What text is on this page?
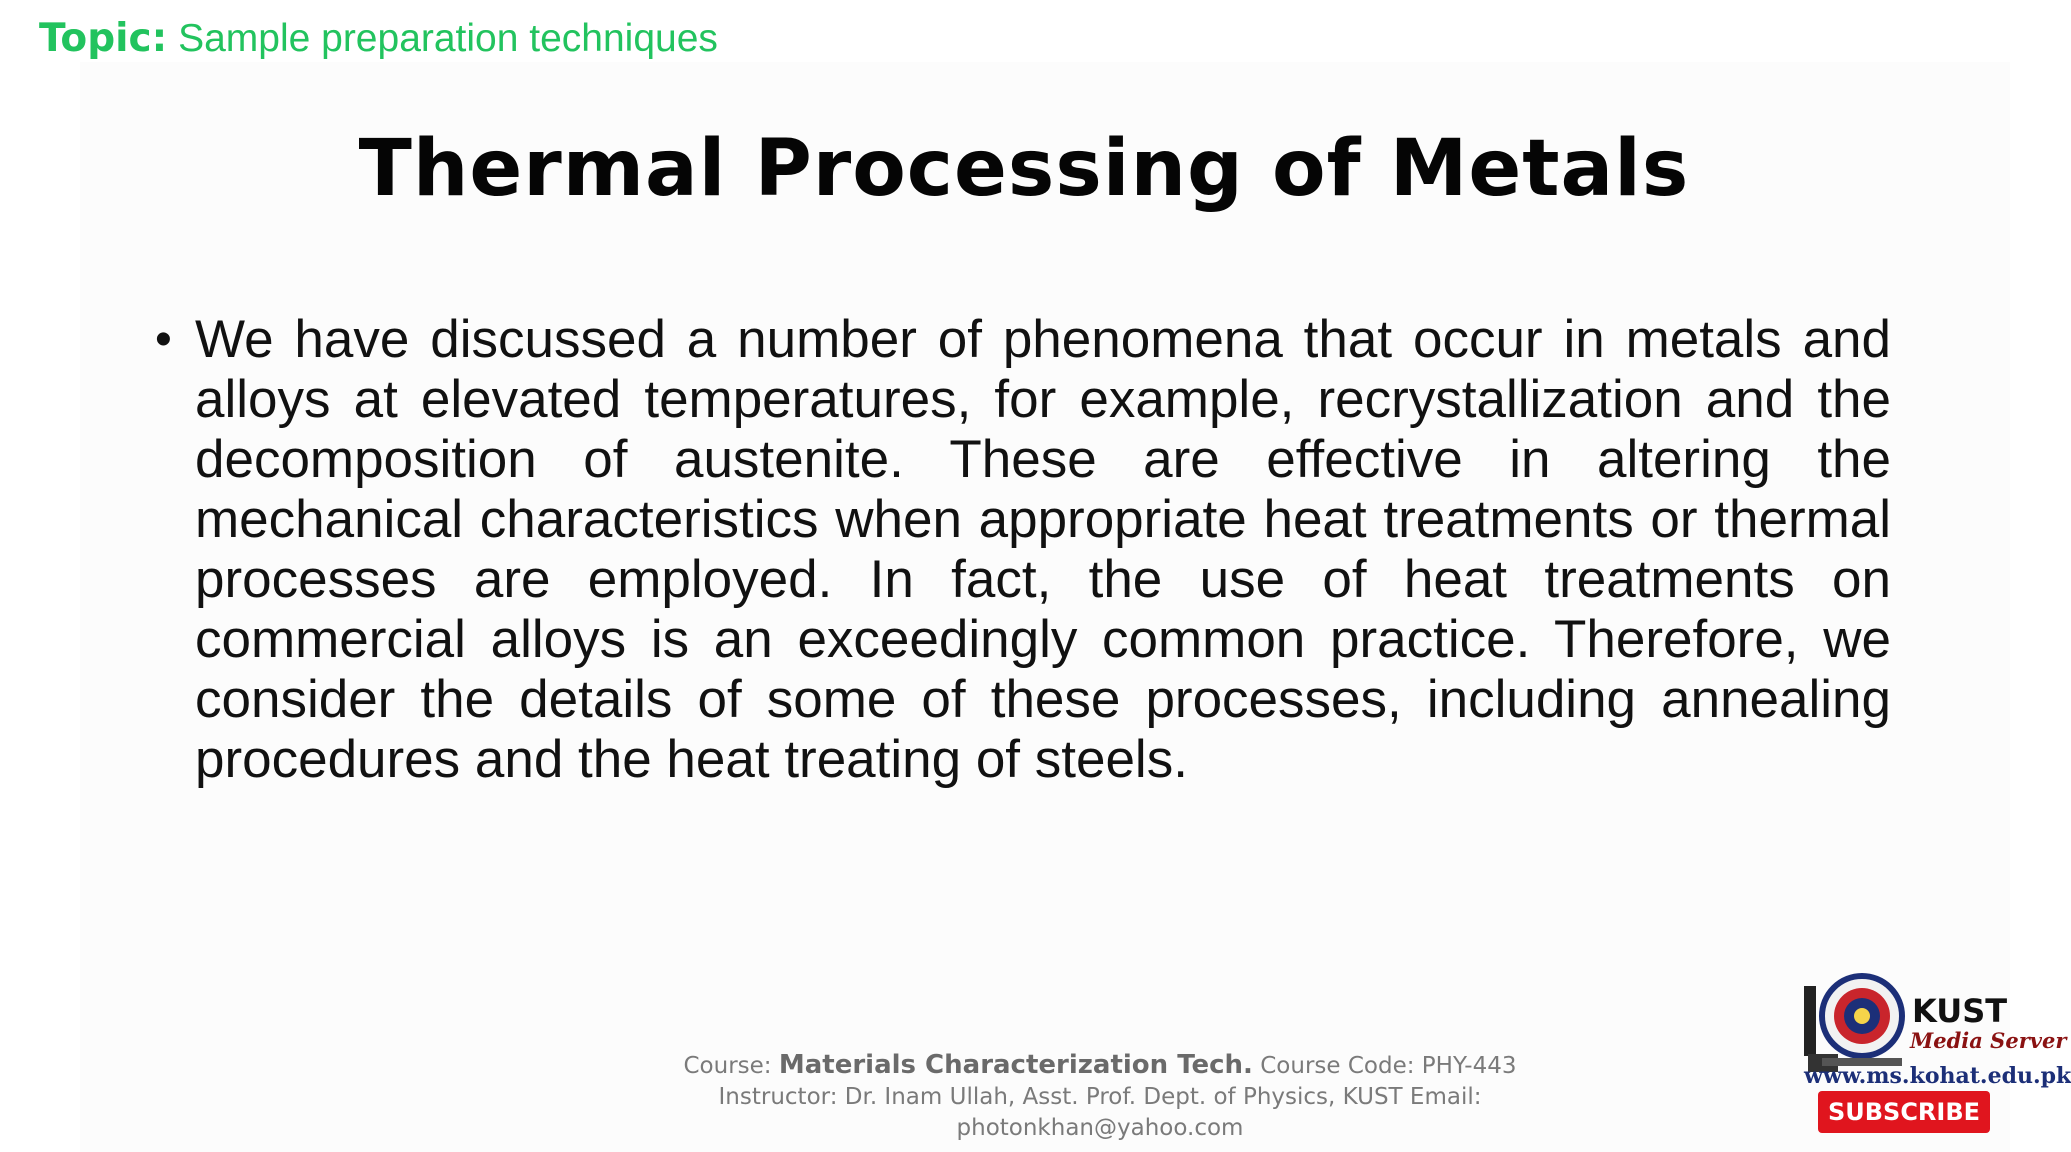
Topic: Sample preparation techniques
Thermal Processing of Metals
• We have discussed a number of phenomena that occur in metals and alloys at elevated temperatures, for example, recrystallization and the decomposition of austenite. These are effective in altering the mechanical characteristics when appropriate heat treatments or thermal processes are employed. In fact, the use of heat treatments on commercial alloys is an exceedingly common practice. Therefore, we consider the details of some of these processes, including annealing procedures and the heat treating of steels.
Course: Materials Characterization Tech. Course Code: PHY-443
Instructor: Dr. Inam Ullah, Asst. Prof. Dept. of Physics, KUST Email:
photonkhan@yahoo.com
KUST
Media Server
www.ms.kohat.edu.pk
SUBSCRIBE
